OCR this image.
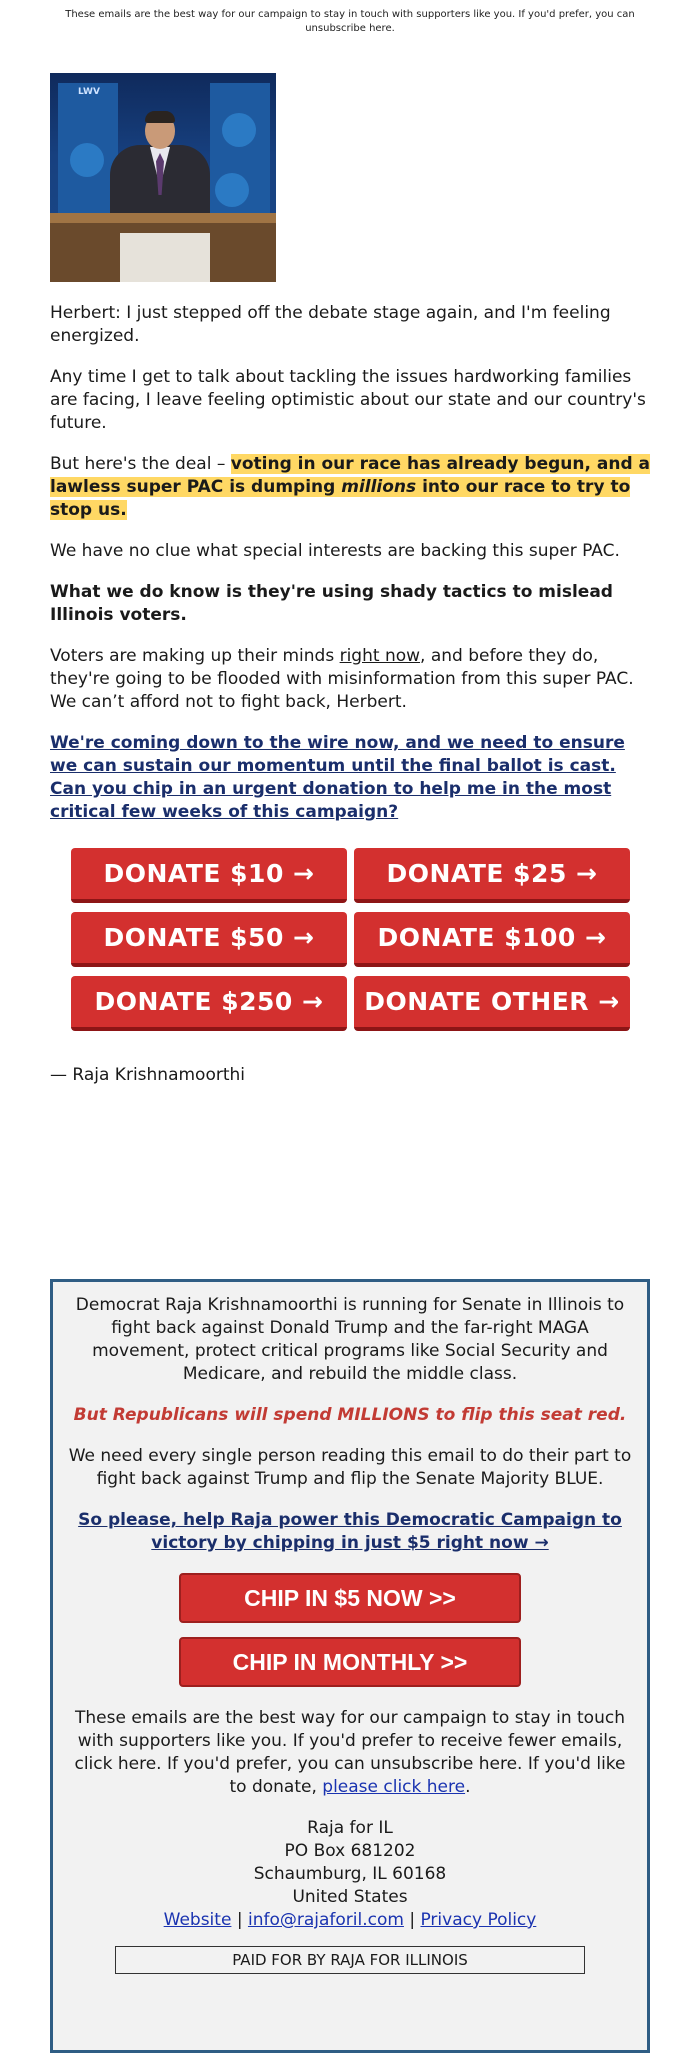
These emails are the best way for our campaign to stay in touch with supporters like you. If you'd prefer, you can unsubscribe here.
LWV

Herbert: I just stepped off the debate stage again, and I'm feeling energized.

Any time I get to talk about tackling the issues hardworking families are facing, I leave feeling optimistic about our state and our country's future.

But here's the deal – voting in our race has already begun, and a lawless super PAC is dumping millions into our race to try to stop us.

We have no clue what special interests are backing this super PAC.

What we do know is they're using shady tactics to mislead Illinois voters.

Voters are making up their minds right now, and before they do, they're going to be flooded with misinformation from this super PAC. We can’t afford not to fight back, Herbert.

We're coming down to the wire now, and we need to ensure we can sustain our momentum until the final ballot is cast. Can you chip in an urgent donation to help me in the most critical few weeks of this campaign?
DONATE $10 →	DONATE $25 →
DONATE $50 →	DONATE $100 →
DONATE $250 →	DONATE OTHER →
— Raja Krishnamoorthi

Democrat Raja Krishnamoorthi is running for Senate in Illinois to fight back against Donald Trump and the far-right MAGA movement, protect critical programs like Social Security and Medicare, and rebuild the middle class.

But Republicans will spend MILLIONS to flip this seat red.

We need every single person reading this email to do their part to fight back against Trump and flip the Senate Majority BLUE.

So please, help Raja power this Democratic Campaign to victory by chipping in just $5 right now →

CHIP IN $5 NOW >>
CHIP IN MONTHLY >>

These emails are the best way for our campaign to stay in touch with supporters like you. If you'd prefer to receive fewer emails, click here. If you'd prefer, you can unsubscribe here. If you'd like to donate, please click here.

Raja for IL
PO Box 681202
Schaumburg, IL 60168
United States
Website | info@rajaforil.com | Privacy Policy
PAID FOR BY RAJA FOR ILLINOIS
